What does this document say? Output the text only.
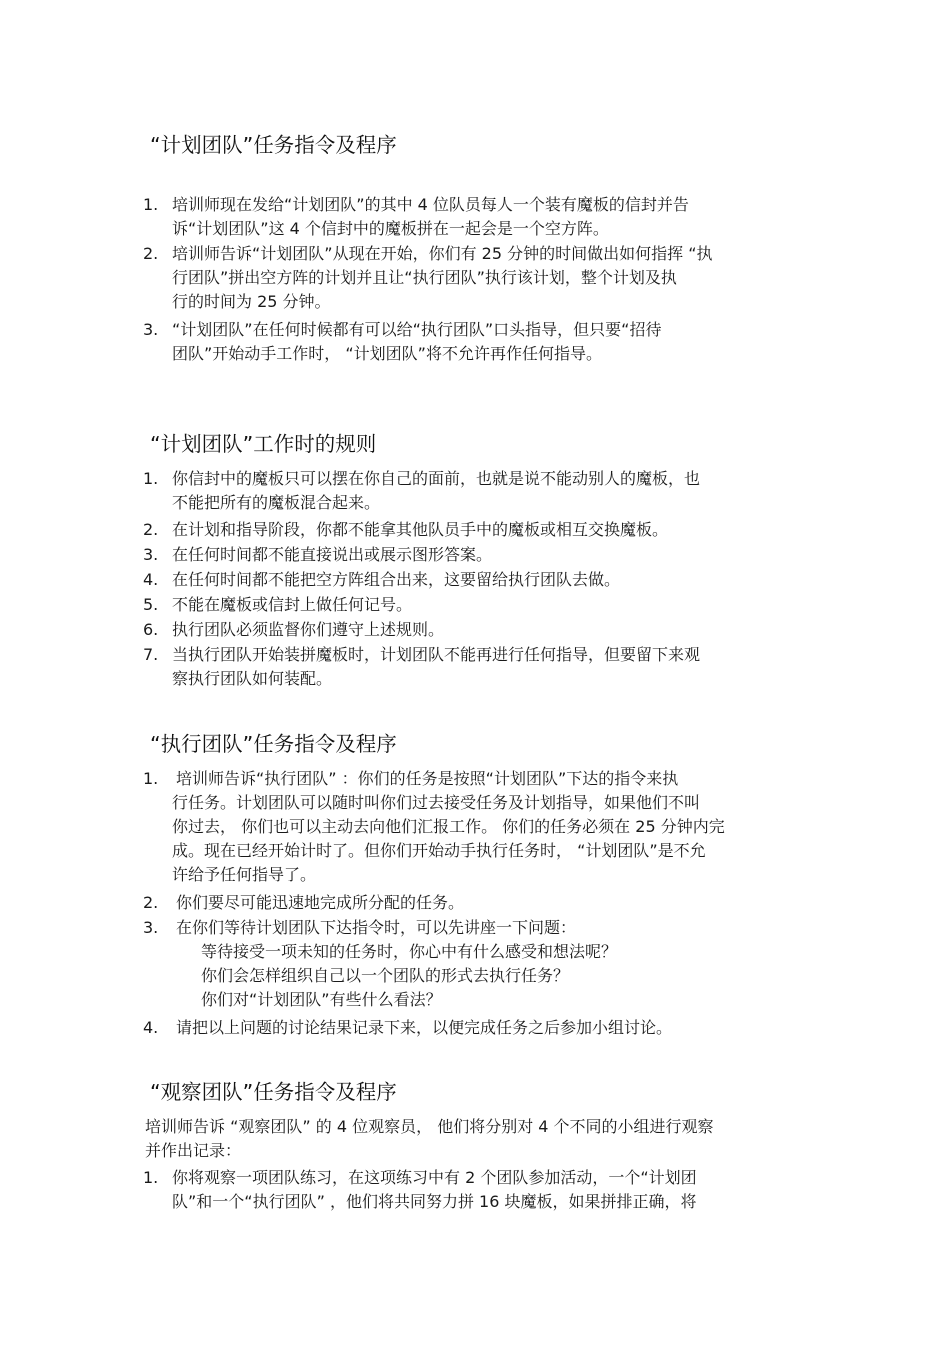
“计划团队”任务指令及程序
1. 培训师现在发给“计划团队”的其中 4 位队员每人一个装有魔板的信封并告
诉“计划团队”这 4 个信封中的魔板拼在一起会是一个空方阵。
2. 培训师告诉“计划团队”从现在开始，你们有 25 分钟的时间做出如何指挥 “执
行团队”拼出空方阵的计划并且让“执行团队”执行该计划，整个计划及执
行的时间为 25 分钟。
3. “计划团队”在任何时候都有可以给“执行团队”口头指导，但只要“招待
团队”开始动手工作时， “计划团队”将不允许再作任何指导。
“计划团队”工作时的规则
1. 你信封中的魔板只可以摆在你自己的面前，也就是说不能动别人的魔板，也
不能把所有的魔板混合起来。
2. 在计划和指导阶段，你都不能拿其他队员手中的魔板或相互交换魔板。
3. 在任何时间都不能直接说出或展示图形答案。
4. 在任何时间都不能把空方阵组合出来，这要留给执行团队去做。
5. 不能在魔板或信封上做任何记号。
6. 执行团队必须监督你们遵守上述规则。
7. 当执行团队开始装拼魔板时，计划团队不能再进行任何指导，但要留下来观
察执行团队如何装配。
“执行团队”任务指令及程序
1. 培训师告诉“执行团队” ：你们的任务是按照“计划团队”下达的指令来执
行任务。计划团队可以随时叫你们过去接受任务及计划指导，如果他们不叫
你过去， 你们也可以主动去向他们汇报工作。 你们的任务必须在 25 分钟内完
成。现在已经开始计时了。但你们开始动手执行任务时， “计划团队”是不允
许给予任何指导了。
2. 你们要尽可能迅速地完成所分配的任务。
3. 在你们等待计划团队下达指令时，可以先讲座一下问题：
等待接受一项未知的任务时，你心中有什么感受和想法呢？
你们会怎样组织自己以一个团队的形式去执行任务？
你们对“计划团队”有些什么看法？
4. 请把以上问题的讨论结果记录下来，以便完成任务之后参加小组讨论。
“观察团队”任务指令及程序
培训师告诉 “观察团队” 的 4 位观察员， 他们将分别对 4 个不同的小组进行观察
并作出记录：
1. 你将观察一项团队练习，在这项练习中有 2 个团队参加活动，一个“计划团
队”和一个“执行团队” ，他们将共同努力拼 16 块魔板，如果拼排正确，将
